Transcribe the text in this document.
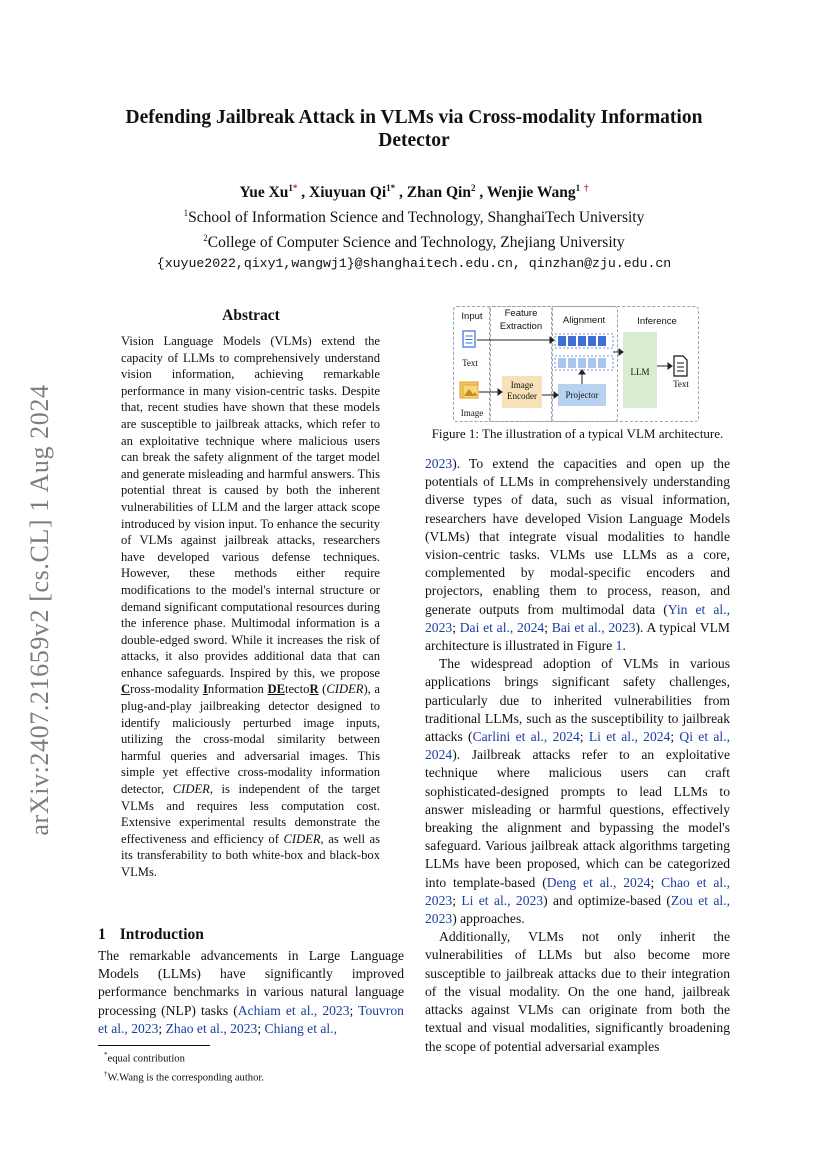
arXiv:2407.21659v2 [cs.CL] 1 Aug 2024
Defending Jailbreak Attack in VLMs via Cross-modality Information
Detector
Yue $Xu^{1*}$ , Xiuyuan $Qi^{1*}$ , Zhan Qin$^2$ , Wenjie Wang$^1$ †
$^1$School of Information Science and Technology, ShanghaiTech University
$^2$College of Computer Science and Technology, Zhejiang University
{xuyue2022,qixy1,wangwj1}@shanghaitech.edu.cn, qinzhan@zju.edu.cn
Abstract
Vision Language Models (VLMs) extend the capacity of LLMs to comprehensively understand vision information, achieving remarkable performance in many vision-centric tasks. Despite that, recent studies have shown that these models are susceptible to jailbreak attacks, which refer to an exploitative technique where malicious users can break the safety alignment of the target model and generate misleading and harmful answers. This potential threat is caused by both the inherent vulnerabilities of LLM and the larger attack scope introduced by vision input. To enhance the security of VLMs against jailbreak attacks, researchers have developed various defense techniques. However, these methods either require modifications to the model's internal structure or demand significant computational resources during the inference phase. Multimodal information is a double-edged sword. While it increases the risk of attacks, it also provides additional data that can enhance safeguards. Inspired by this, we propose Cross-modality Information DEtectoR (CIDER), a plug-and-play jailbreaking detector designed to identify maliciously perturbed image inputs, utilizing the cross-modal similarity between harmful queries and adversarial images. This simple yet effective cross-modality information detector, CIDER, is independent of the target VLMs and requires less computation cost. Extensive experimental results demonstrate the effectiveness and efficiency of CIDER, as well as its transferability to both white-box and black-box VLMs.
1 Introduction
The remarkable advancements in Large Language Models (LLMs) have significantly improved performance benchmarks in various natural language processing (NLP) tasks (Achiam et al., 2023; Touvron et al., 2023; Zhao et al., 2023; Chiang et al.,
*equal contribution
†W.Wang is the corresponding author.
Input	Feature
Extraction
Alignment	Inference
Text
Image
Image
Encoder	Projector
LLM
Text
Figure 1: The illustration of a typical VLM architecture.

2023). To extend the capacities and open up the potentials of LLMs in comprehensively understanding diverse types of data, such as visual information, researchers have developed Vision Language Models (VLMs) that integrate visual modalities to handle vision-centric tasks. VLMs use LLMs as a core, complemented by modal-specific encoders and projectors, enabling them to process, reason, and generate outputs from multimodal data (Yin et al., 2023; Dai et al., 2024; Bai et al., 2023). A typical VLM architecture is illustrated in Figure 1.

The widespread adoption of VLMs in various applications brings significant safety challenges, particularly due to inherited vulnerabilities from traditional LLMs, such as the susceptibility to jailbreak attacks (Carlini et al., 2024; Li et al., 2024; Qi et al., 2024). Jailbreak attacks refer to an exploitative technique where malicious users can craft sophisticated-designed prompts to lead LLMs to answer misleading or harmful questions, effectively breaking the alignment and bypassing the model's safeguard. Various jailbreak attack algorithms targeting LLMs have been proposed, which can be categorized into template-based (Deng et al., 2024; Chao et al., 2023; Li et al., 2023) and optimize-based (Zou et al., 2023) approaches.

Additionally, VLMs not only inherit the vulnerabilities of LLMs but also become more susceptible to jailbreak attacks due to their integration of the visual modality. On the one hand, jailbreak attacks against VLMs can originate from both the textual and visual modalities, significantly broadening the scope of potential adversarial examples
